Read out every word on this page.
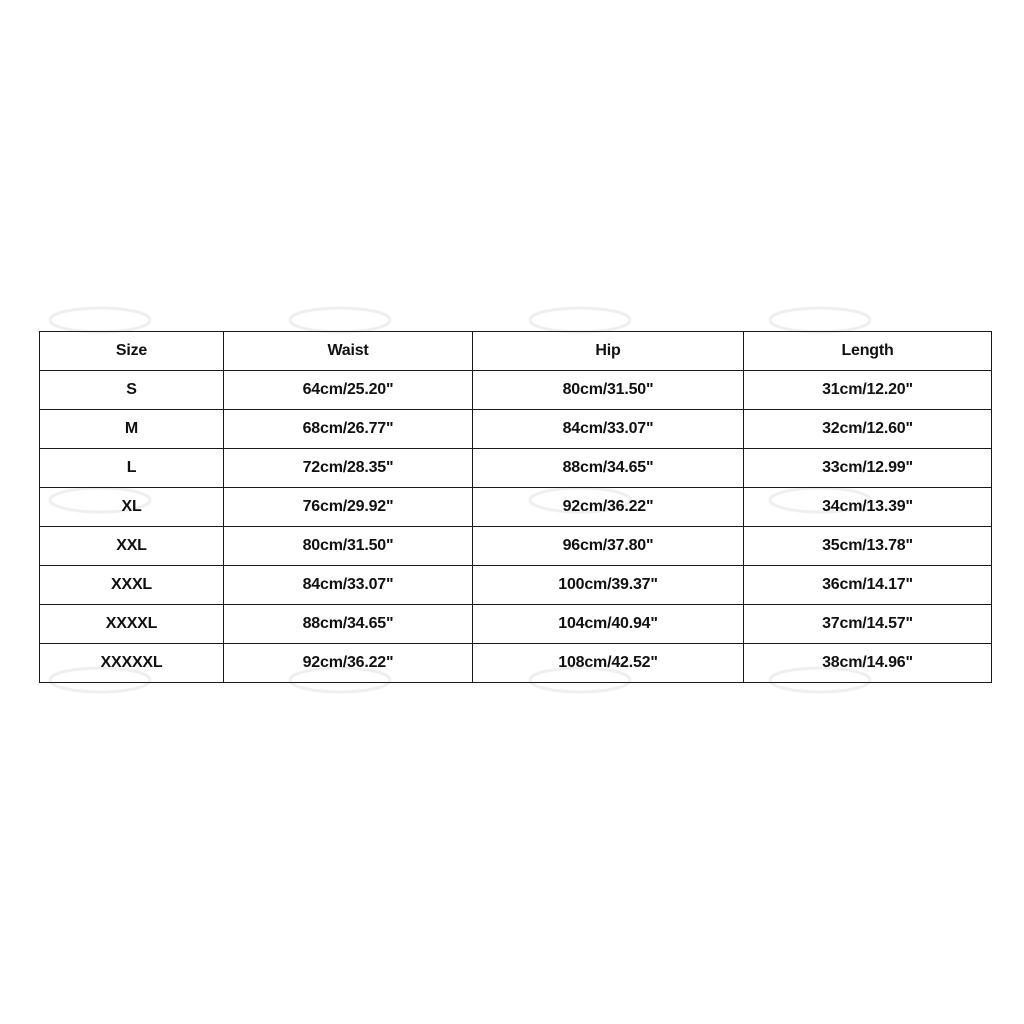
Size	Waist	Hip	Length
S	64cm/25.20"	80cm/31.50"	31cm/12.20"
M	68cm/26.77"	84cm/33.07"	32cm/12.60"
L	72cm/28.35"	88cm/34.65"	33cm/12.99"
XL	76cm/29.92"	92cm/36.22"	34cm/13.39"
XXL	80cm/31.50"	96cm/37.80"	35cm/13.78"
XXXL	84cm/33.07"	100cm/39.37"	36cm/14.17"
XXXXL	88cm/34.65"	104cm/40.94"	37cm/14.57"
XXXXXL	92cm/36.22"	108cm/42.52"	38cm/14.96"
